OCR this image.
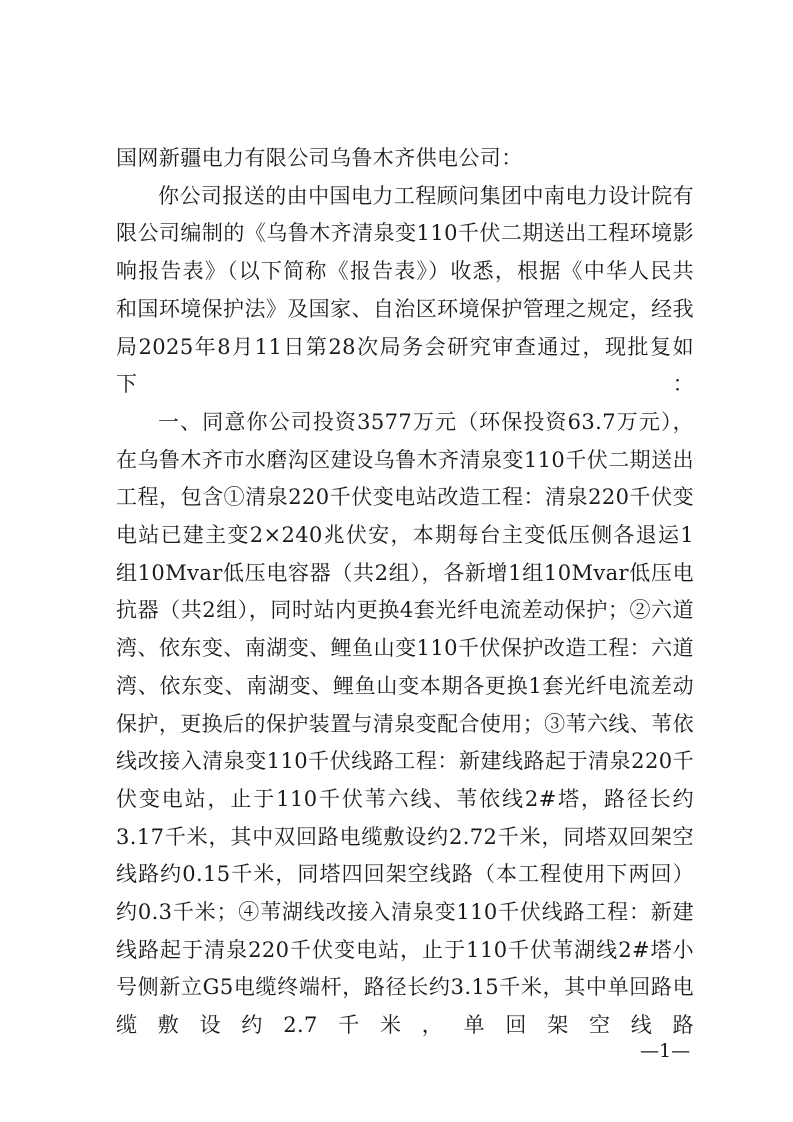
国网新疆电力有限公司乌鲁木齐供电公司：

你公司报送的由中国电力工程顾问集团中南电力设计院有限公司编制的《乌鲁木齐清泉变110千伏二期送出工程环境影响报告表》（以下简称《报告表》）收悉，根据《中华人民共和国环境保护法》及国家、自治区环境保护管理之规定，经我局2025年8月11日第28次局务会研究审查通过，现批复如下：

一、同意你公司投资3577万元（环保投资63.7万元），在乌鲁木齐市水磨沟区建设乌鲁木齐清泉变110千伏二期送出工程，包含①清泉220千伏变电站改造工程：清泉220千伏变电站已建主变2×240兆伏安，本期每台主变低压侧各退运1组10Mvar低压电容器（共2组），各新增1组10Mvar低压电抗器（共2组），同时站内更换4套光纤电流差动保护；②六道湾、依东变、南湖变、鲤鱼山变110千伏保护改造工程：六道湾、依东变、南湖变、鲤鱼山变本期各更换1套光纤电流差动保护，更换后的保护装置与清泉变配合使用；③苇六线、苇依线改接入清泉变110千伏线路工程：新建线路起于清泉220千伏变电站，止于110千伏苇六线、苇依线2#塔，路径长约3.17千米，其中双回路电缆敷设约2.72千米，同塔双回架空线路约0.15千米，同塔四回架空线路（本工程使用下两回）约0.3千米；④苇湖线改接入清泉变110千伏线路工程：新建线路起于清泉220千伏变电站，止于110千伏苇湖线2#塔小号侧新立G5电缆终端杆，路径长约3.15千米，其中单回路电缆敷设约2.7千米，单回架空线路

—1—
